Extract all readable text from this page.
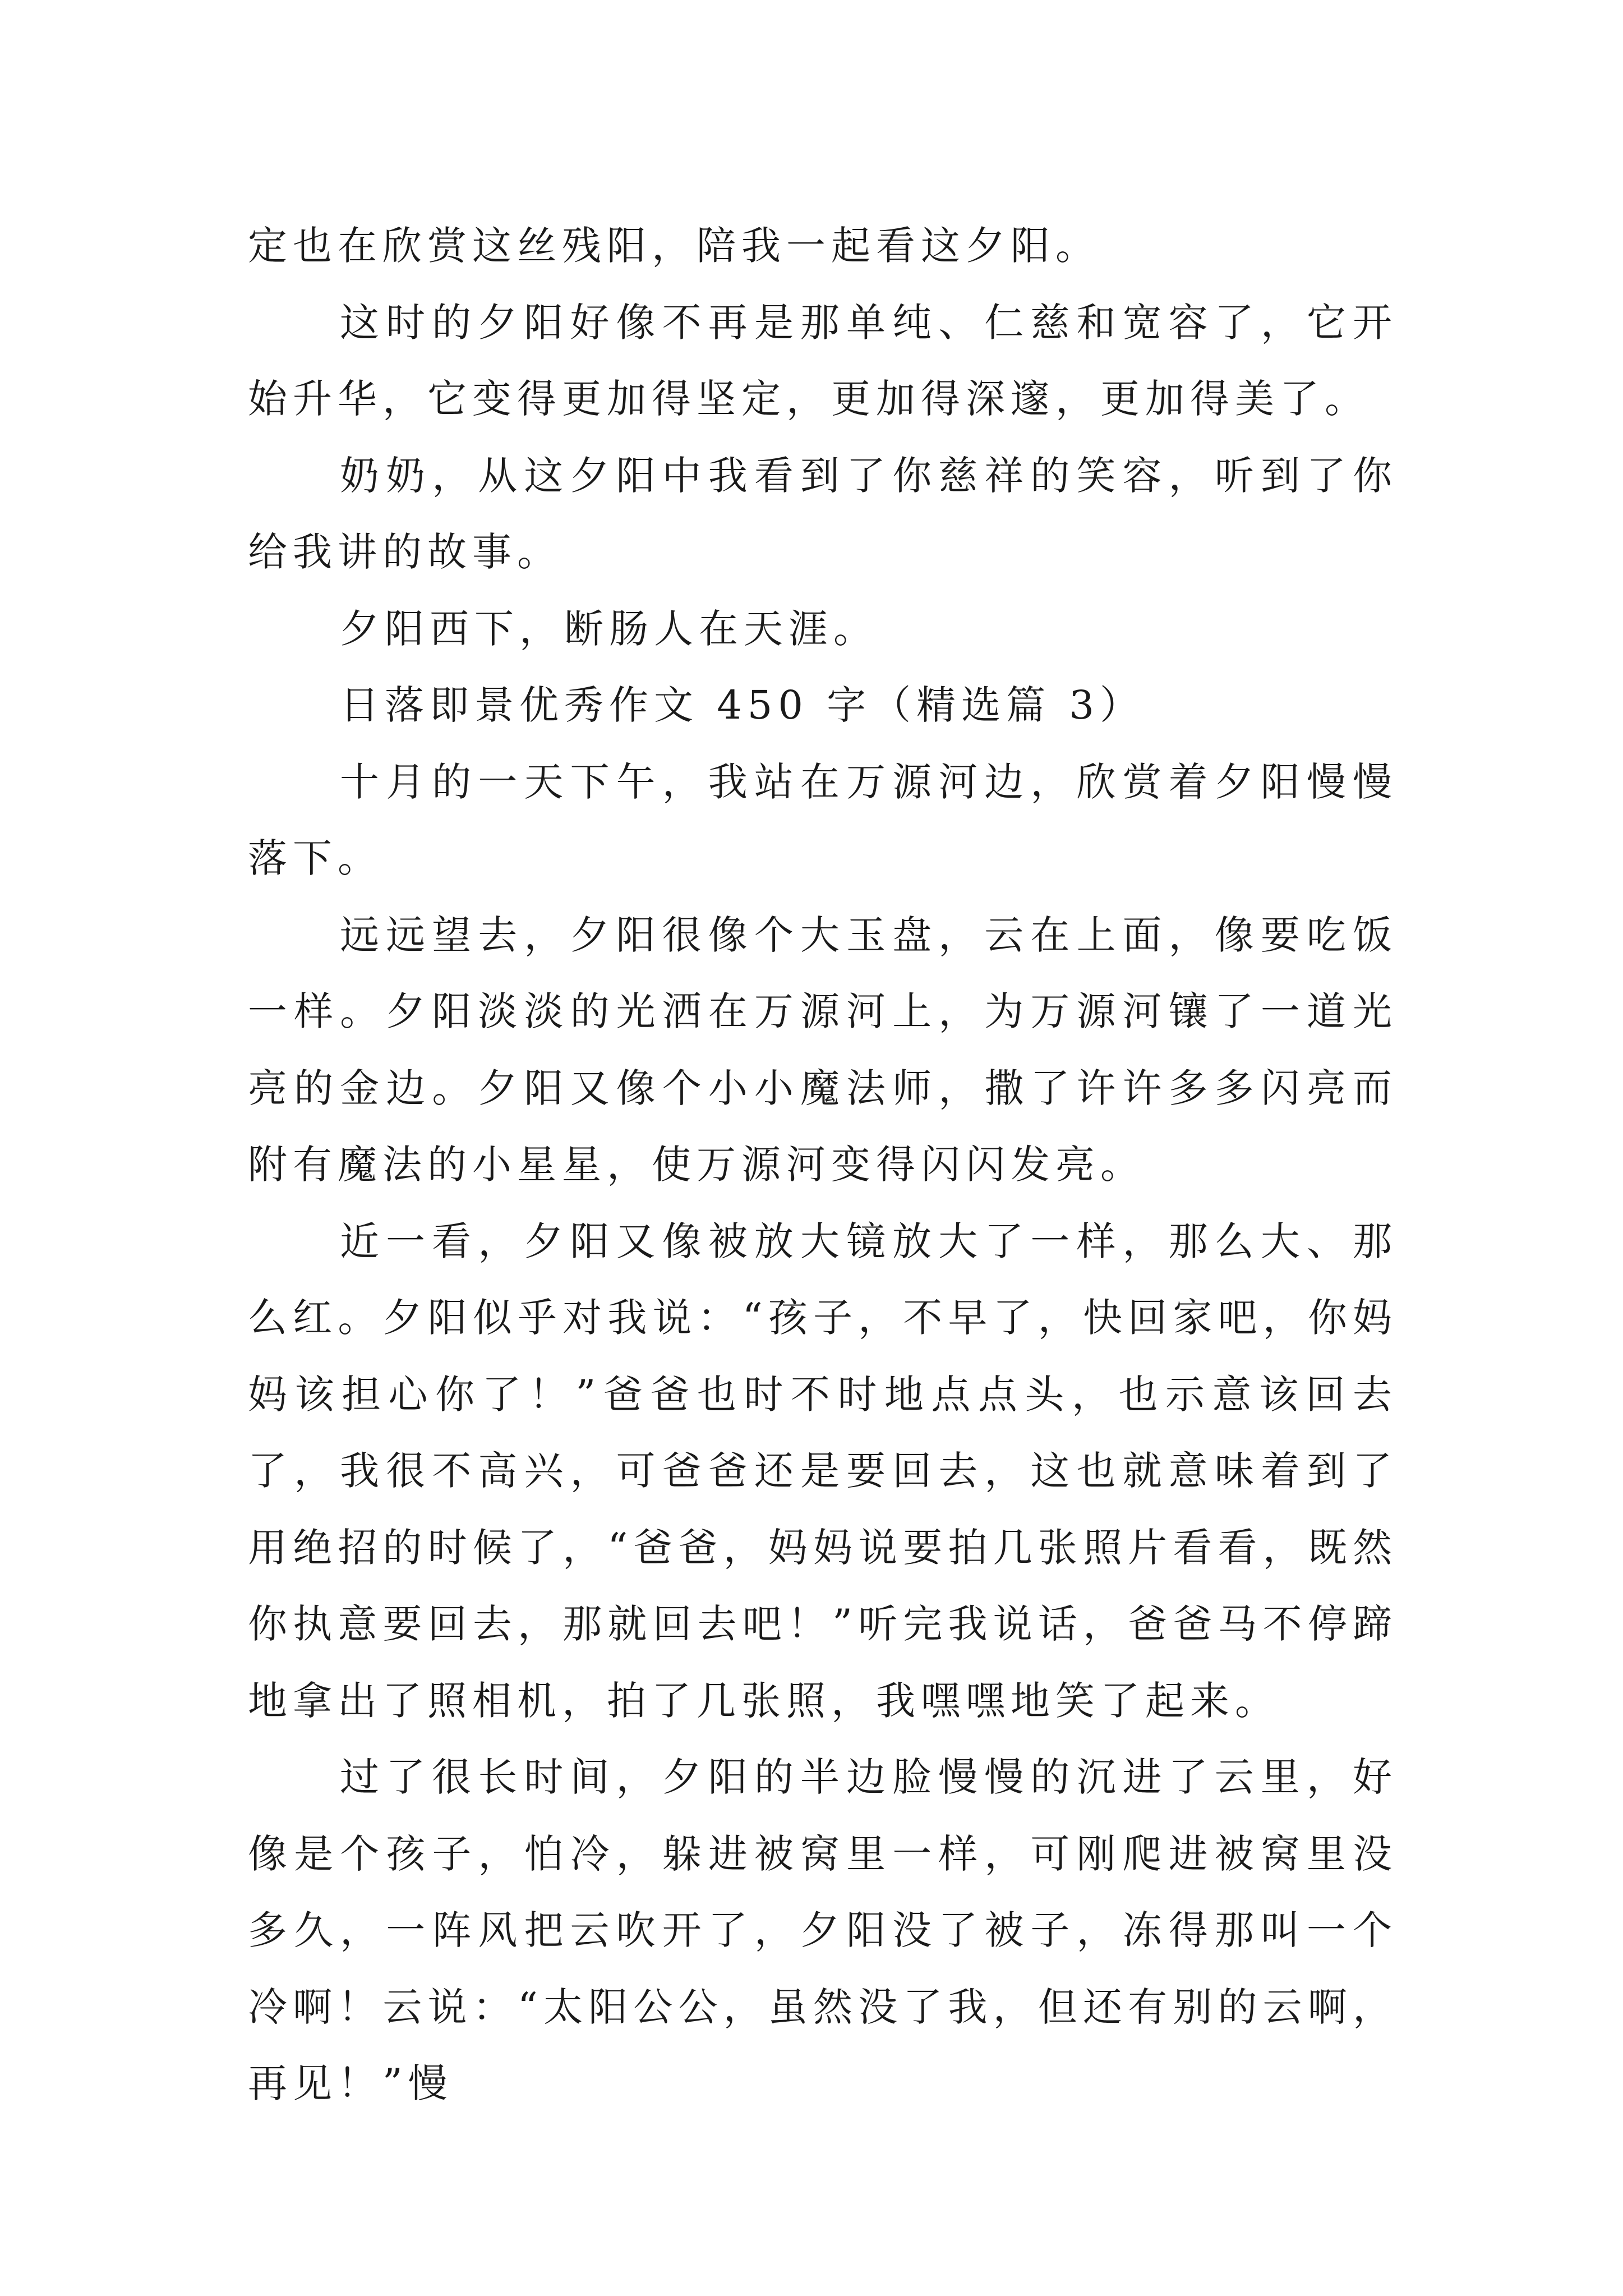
定也在欣赏这丝残阳，陪我一起看这夕阳。

这时的夕阳好像不再是那单纯、仁慈和宽容了，它开始升华，它变得更加得坚定，更加得深邃，更加得美了。

奶奶，从这夕阳中我看到了你慈祥的笑容，听到了你给我讲的故事。

夕阳西下，断肠人在天涯。

日落即景优秀作文 450 字（精选篇 3）

十月的一天下午，我站在万源河边，欣赏着夕阳慢慢落下。

远远望去，夕阳很像个大玉盘，云在上面，像要吃饭一样。夕阳淡淡的光洒在万源河上，为万源河镶了一道光亮的金边。夕阳又像个小小魔法师，撒了许许多多闪亮而附有魔法的小星星，使万源河变得闪闪发亮。

近一看，夕阳又像被放大镜放大了一样，那么大、那么红。夕阳似乎对我说：“孩子，不早了，快回家吧，你妈妈该担心你了！”爸爸也时不时地点点头，也示意该回去了，我很不高兴，可爸爸还是要回去，这也就意味着到了用绝招的时候了，“爸爸，妈妈说要拍几张照片看看，既然你执意要回去，那就回去吧！”听完我说话，爸爸马不停蹄地拿出了照相机，拍了几张照，我嘿嘿地笑了起来。

过了很长时间，夕阳的半边脸慢慢的沉进了云里，好像是个孩子，怕冷，躲进被窝里一样，可刚爬进被窝里没多久，一阵风把云吹开了，夕阳没了被子，冻得那叫一个冷啊！云说：“太阳公公，虽然没了我，但还有别的云啊，再见！”慢
